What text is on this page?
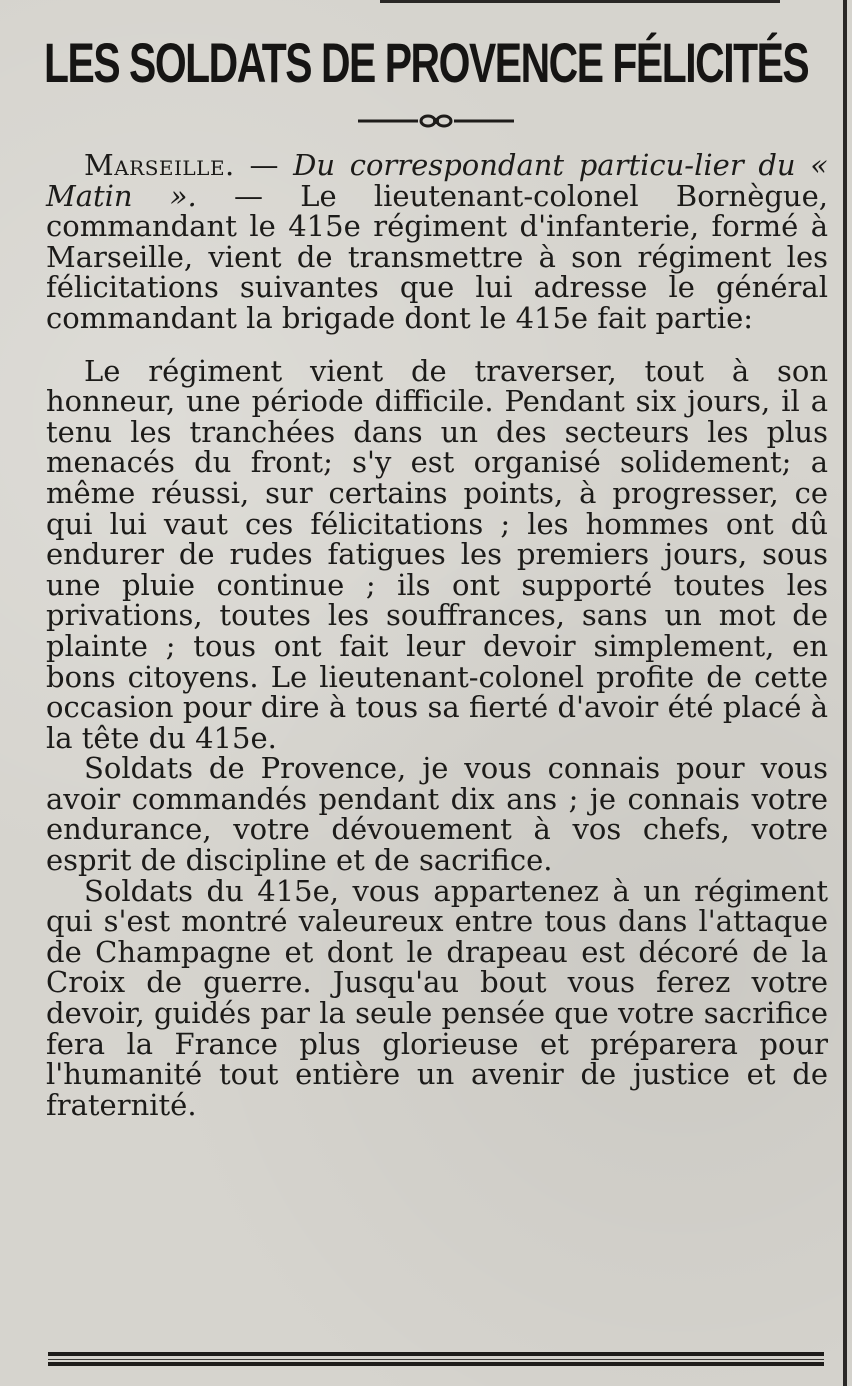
LES SOLDATS DE PROVENCE FÉLICITÉS

Marseille. — Du correspondant particu-lier du « Matin ». — Le lieutenant-colonel Bornègue, commandant le 415e régiment d'infanterie, formé à Marseille, vient de transmettre à son régiment les félicitations suivantes que lui adresse le général commandant la brigade dont le 415e fait partie:

Le régiment vient de traverser, tout à son honneur, une période difficile. Pendant six jours, il a tenu les tranchées dans un des secteurs les plus menacés du front; s'y est organisé solidement; a même réussi, sur certains points, à progresser, ce qui lui vaut ces félicitations ; les hommes ont dû endurer de rudes fatigues les premiers jours, sous une pluie continue ; ils ont supporté toutes les privations, toutes les souffrances, sans un mot de plainte ; tous ont fait leur devoir simplement, en bons citoyens. Le lieutenant-colonel profite de cette occasion pour dire à tous sa fierté d'avoir été placé à la tête du 415e.

Soldats de Provence, je vous connais pour vous avoir commandés pendant dix ans ; je connais votre endurance, votre dévouement à vos chefs, votre esprit de discipline et de sacrifice.

Soldats du 415e, vous appartenez à un régiment qui s'est montré valeureux entre tous dans l'attaque de Champagne et dont le drapeau est décoré de la Croix de guerre. Jusqu'au bout vous ferez votre devoir, guidés par la seule pensée que votre sacrifice fera la France plus glorieuse et préparera pour l'humanité tout entière un avenir de justice et de fraternité.
